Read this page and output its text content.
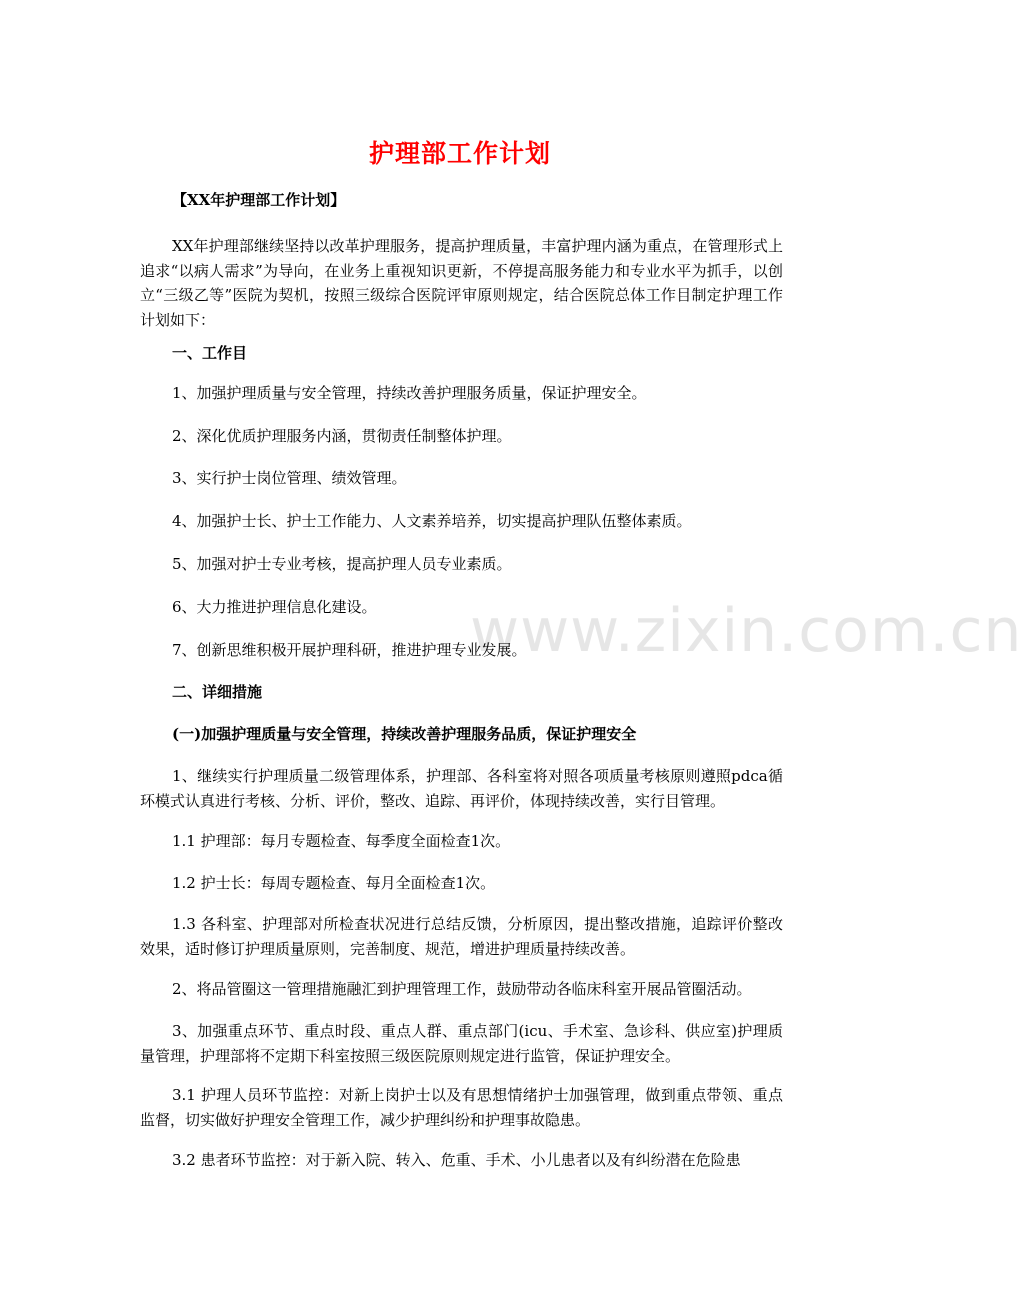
www.zixin.com.cn
护理部工作计划
【XX年护理部工作计划】
XX年护理部继续坚持以改革护理服务，提高护理质量，丰富护理内涵为重点，在管理形式上追求“以病人需求”为导向，在业务上重视知识更新，不停提高服务能力和专业水平为抓手，以创立“三级乙等”医院为契机，按照三级综合医院评审原则规定，结合医院总体工作目制定护理工作计划如下：
一、工作目
1、加强护理质量与安全管理，持续改善护理服务质量，保证护理安全。
2、深化优质护理服务内涵，贯彻责任制整体护理。
3、实行护士岗位管理、绩效管理。
4、加强护士长、护士工作能力、人文素养培养，切实提高护理队伍整体素质。
5、加强对护士专业考核，提高护理人员专业素质。
6、大力推进护理信息化建设。
7、创新思维积极开展护理科研，推进护理专业发展。
二、详细措施
(一)加强护理质量与安全管理，持续改善护理服务品质，保证护理安全
1、继续实行护理质量二级管理体系，护理部、各科室将对照各项质量考核原则遵照pdca循环模式认真进行考核、分析、评价，整改、追踪、再评价，体现持续改善，实行目管理。
1.1 护理部：每月专题检查、每季度全面检查1次。
1.2 护士长：每周专题检查、每月全面检查1次。
1.3 各科室、护理部对所检查状况进行总结反馈，分析原因，提出整改措施，追踪评价整改效果，适时修订护理质量原则，完善制度、规范，增进护理质量持续改善。
2、将品管圈这一管理措施融汇到护理管理工作，鼓励带动各临床科室开展品管圈活动。
3、加强重点环节、重点时段、重点人群、重点部门(icu、手术室、急诊科、供应室)护理质量管理，护理部将不定期下科室按照三级医院原则规定进行监管，保证护理安全。
3.1 护理人员环节监控：对新上岗护士以及有思想情绪护士加强管理，做到重点带领、重点监督，切实做好护理安全管理工作，减少护理纠纷和护理事故隐患。
3.2 患者环节监控：对于新入院、转入、危重、手术、小儿患者以及有纠纷潜在危险患
